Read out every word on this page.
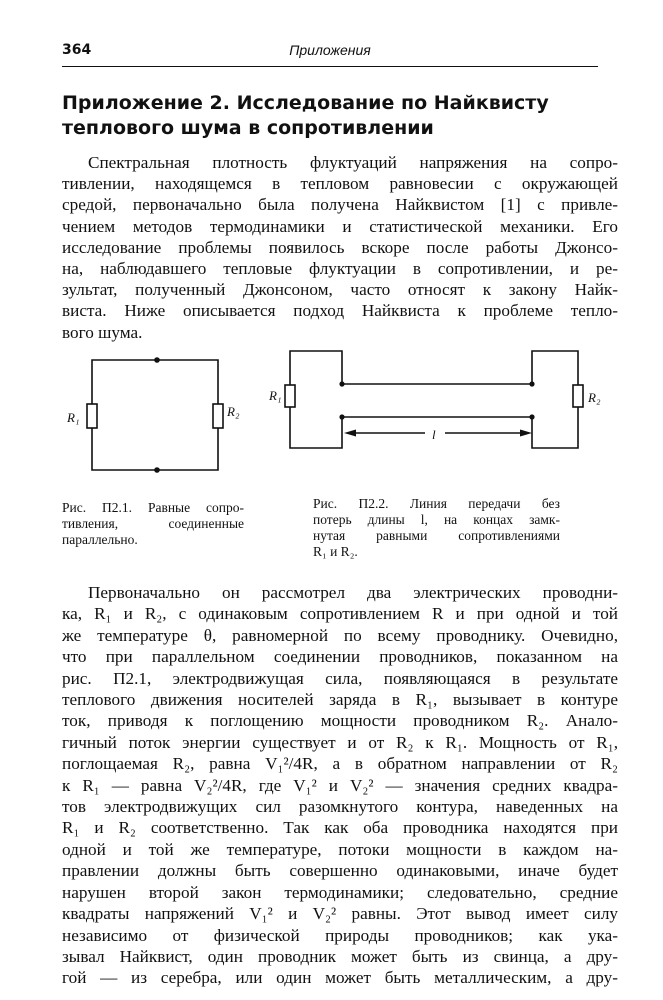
364	Приложения
Приложение 2. Исследование по Найквисту
теплового шума в сопротивлении
Спектральная плотность флуктуаций напряжения на сопро-
тивлении, находящемся в тепловом равновесии с окружающей
средой, первоначально была получена Найквистом [1] с привле-
чением методов термодинамики и статистической механики. Его
исследование проблемы появилось вскоре после работы Джонсо-
на, наблюдавшего тепловые флуктуации в сопротивлении, и ре-
зультат, полученный Джонсоном, часто относят к закону Найк-
виста. Ниже описывается подход Найквиста к проблеме тепло-
вого шума.
R₁	R₂
R₁	R₂
l

Рис. П2.1. Равные сопро-
тивления, соединенные
параллельно.

Рис. П2.2. Линия передачи без
потерь длины l, на концах замк-
нутая равными сопротивлениями
R₁ и R₂.

Первоначально он рассмотрел два электрических проводни-
ка, R₁ и R₂, с одинаковым сопротивлением R и при одной и той
же температуре θ, равномерной по всему проводнику. Очевидно,
что при параллельном соединении проводников, показанном на
рис. П2.1, электродвижущая сила, появляющаяся в результате
теплового движения носителей заряда в R₁, вызывает в контуре
ток, приводя к поглощению мощности проводником R₂. Анало-
гичный поток энергии существует и от R₂ к R₁. Мощность от R₁,
поглощаемая R₂, равна V₁²/4R, а в обратном направлении от R₂
к R₁ — равна V₂²/4R, где V₁² и V₂² — значения средних квадра-
тов электродвижущих сил разомкнутого контура, наведенных на
R₁ и R₂ соответственно. Так как оба проводника находятся при
одной и той же температуре, потоки мощности в каждом на-
правлении должны быть совершенно одинаковыми, иначе будет
нарушен второй закон термодинамики; следовательно, средние
квадраты напряжений V₁² и V₂² равны. Этот вывод имеет силу
независимо от физической природы проводников; как ука-
зывал Найквист, один проводник может быть из свинца, а дру-
гой — из серебра, или один может быть металлическим, а дру-
